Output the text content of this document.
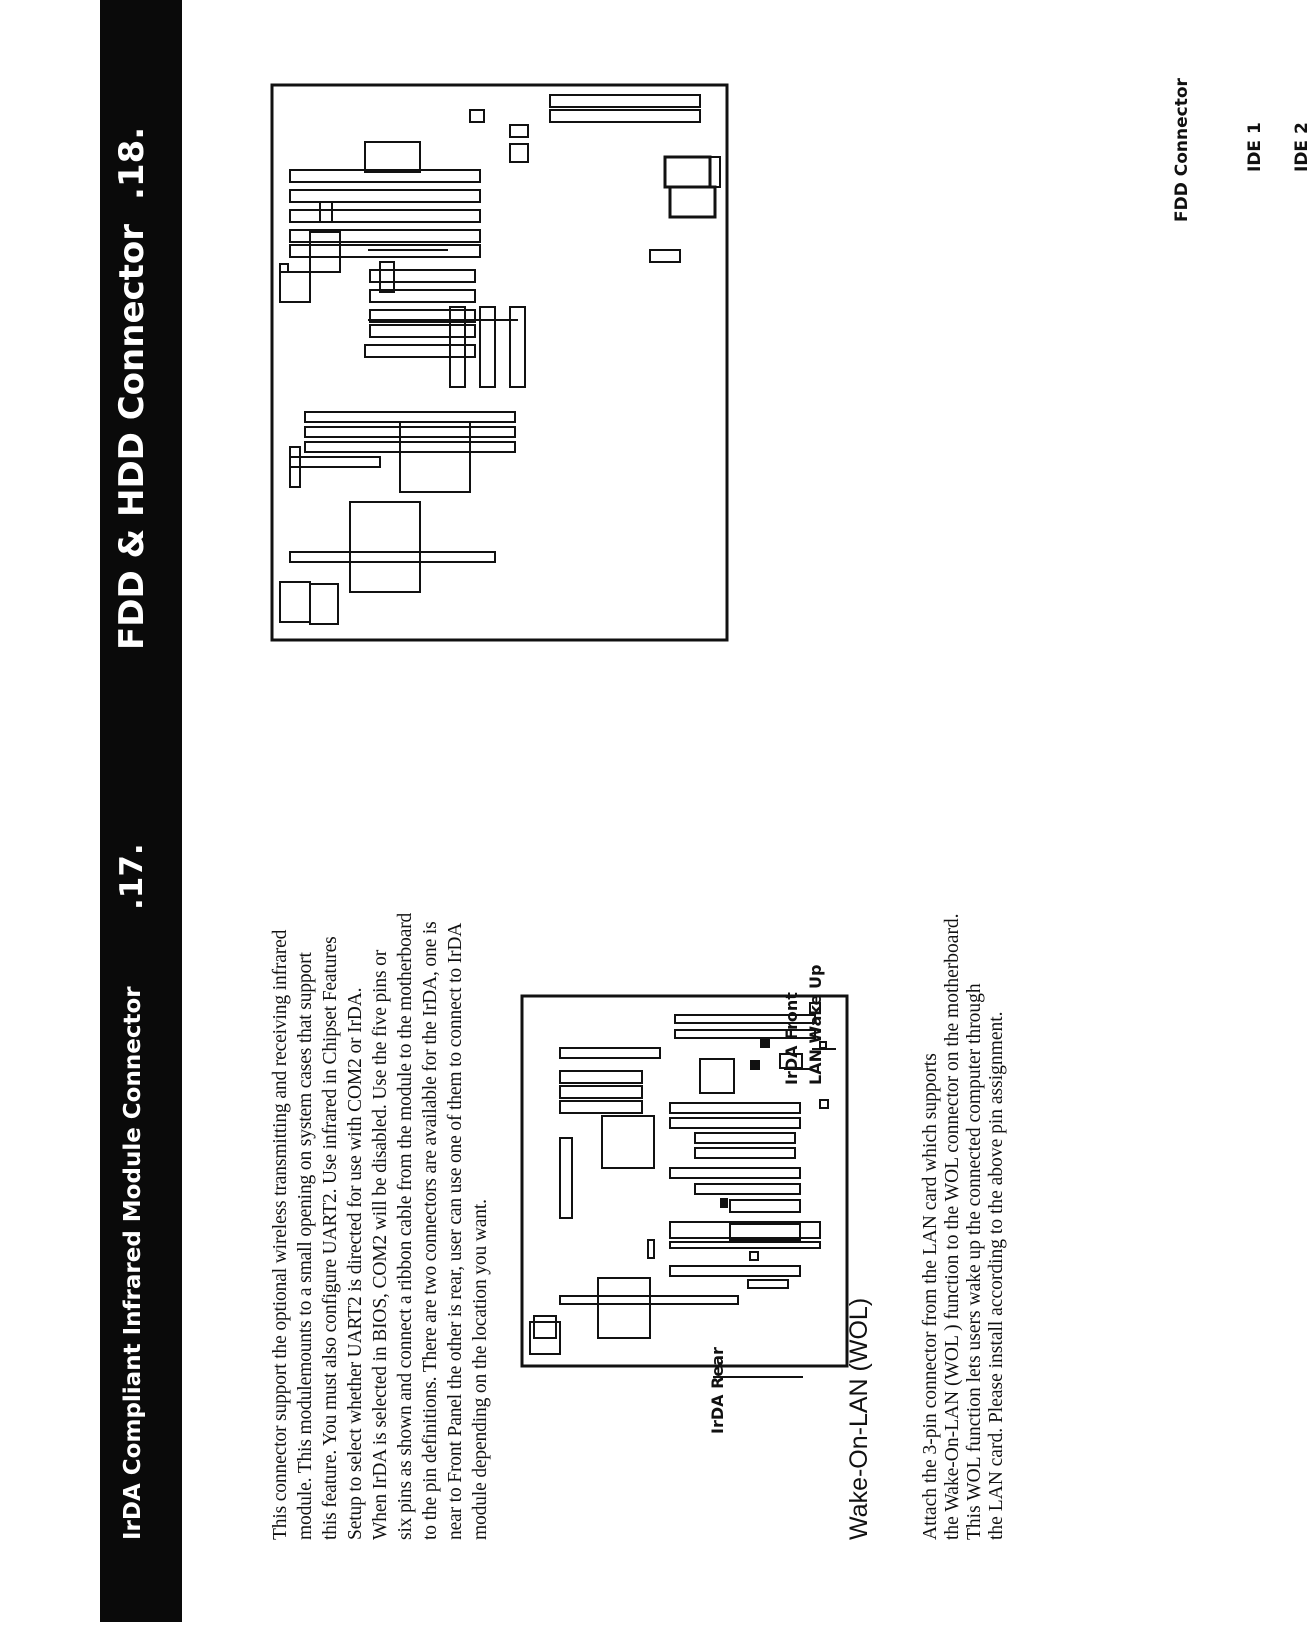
IrDA Compliant Infrared Module Connector
.17.
FDD & HDD Connector
.18.

This connector support the optional wireless transmitting and receiving infrared module. This modulemounts to a small opening on system cases that support this feature. You must also configure UART2. Use infrared in Chipset Features Setup to select whether UART2 is directed for use with COM2 or IrDA. When IrDA is selected in BIOS, COM2 will be disabled. Use the five pins or six pins as shown and connect a ribbon cable from the module to the motherboard to the pin definitions. There are two connectors are available for the IrDA, one is near to Front Panel the other is rear, user can use one of them to connect to IrDA module depending on the location you want.

IrDA Front LAN Wake Up
IrDA Rear	Wake-On-LAN (WOL) Attach the 3-pin connector from the LAN card which supports the Wake-On-LAN (WOL ) function to the WOL connector on the motherboard. This WOL function lets users wake up the connected computer through the LAN card. Please install according to the above pin assignment.

FDD Connector	IDE 1 IDE 2
